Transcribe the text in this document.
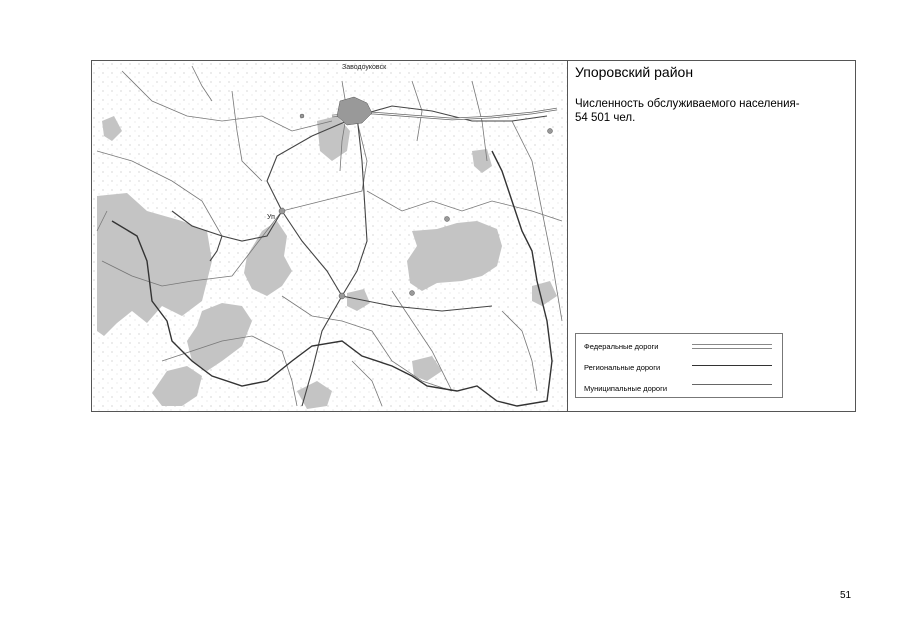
Уп
Заводоуковск	Упоровский район
Численность обслуживаемого населения-
54 501 чел.
Федеральные дороги
Региональные дороги
Муниципальные дороги
51
